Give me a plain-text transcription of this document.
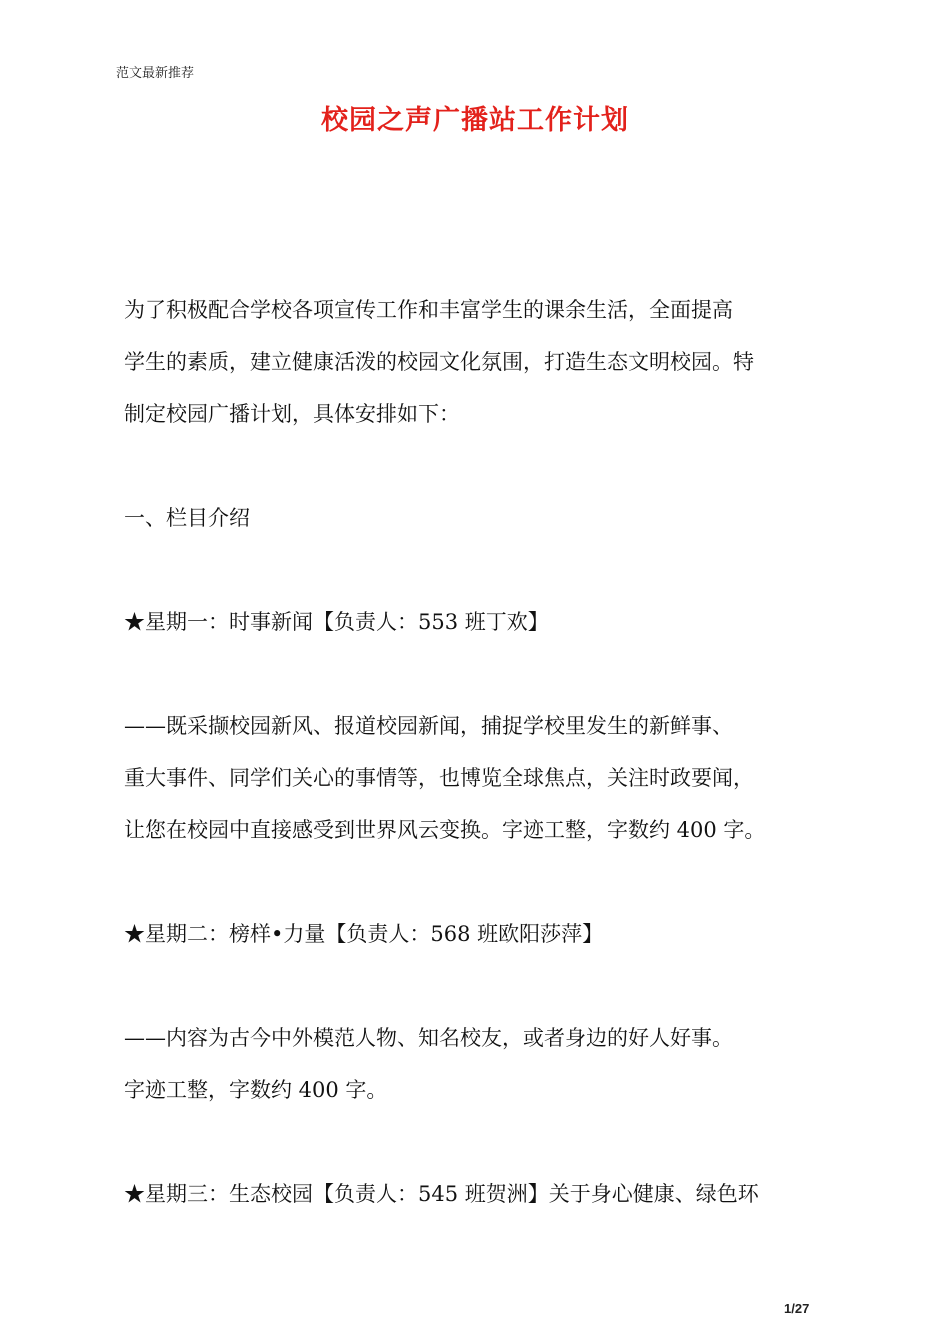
范文最新推荐
校园之声广播站工作计划
为了积极配合学校各项宣传工作和丰富学生的课余生活，全面提高
学生的素质，建立健康活泼的校园文化氛围，打造生态文明校园。特
制定校园广播计划，具体安排如下：
一、栏目介绍
★星期一：时事新闻【负责人：553 班丁欢】
——既采撷校园新风、报道校园新闻，捕捉学校里发生的新鲜事、
重大事件、同学们关心的事情等，也博览全球焦点，关注时政要闻，
让您在校园中直接感受到世界风云变换。字迹工整，字数约 400 字。
★星期二：榜样•力量【负责人：568 班欧阳莎萍】
——内容为古今中外模范人物、知名校友，或者身边的好人好事。
字迹工整，字数约 400 字。
★星期三：生态校园【负责人：545 班贺洲】关于身心健康、绿色环
1/27
